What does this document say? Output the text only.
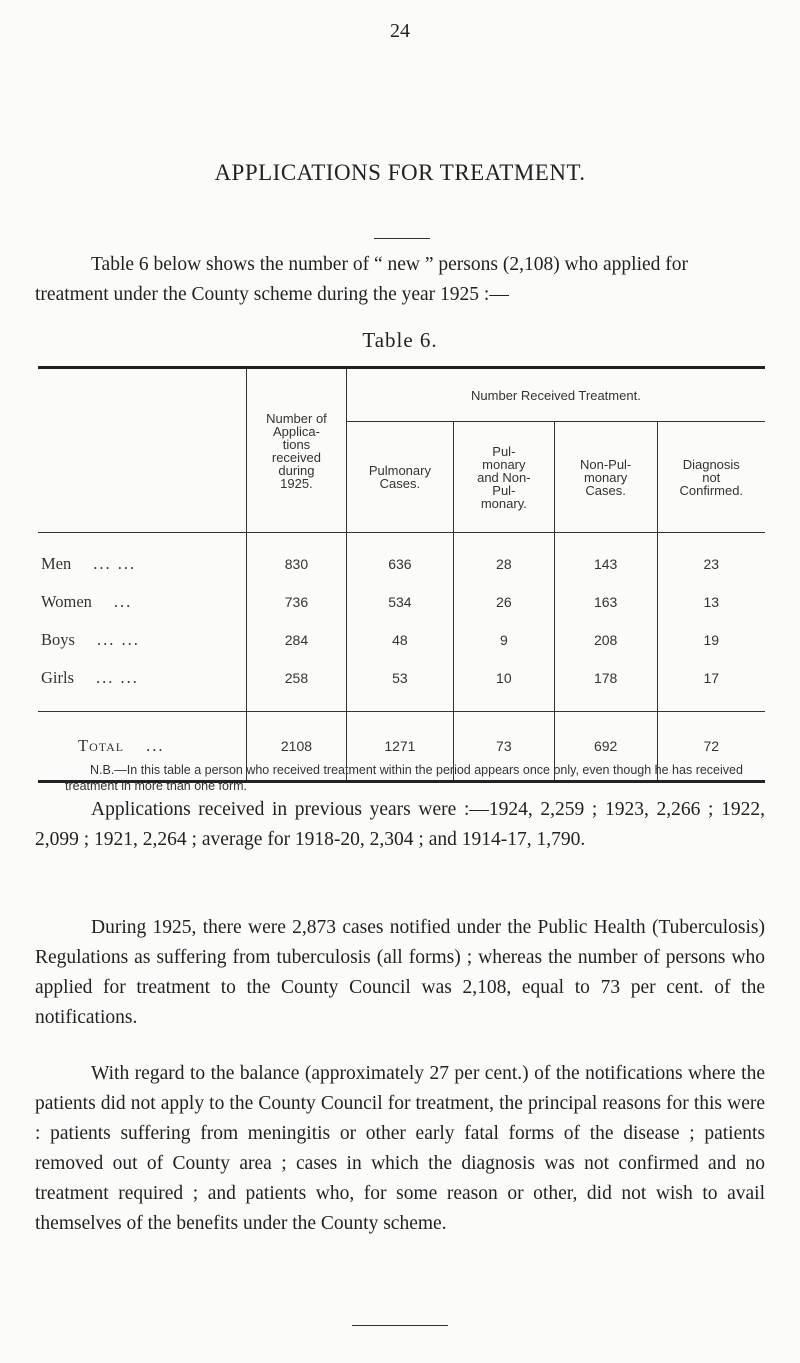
24
APPLICATIONS FOR TREATMENT.

Table 6 below shows the number of “ new ” persons (2,108) who applied for treatment under the County scheme during the year 1925 :—

Table 6.
	Number of Applica- tions received during 1925.	Number Received Treatment.			
		Pulmonary Cases.	Pul- monary and Non-Pul- monary.	Non-Pul- monary Cases.	Diagnosis not Confirmed.
Men ... ...	830	636	28	143	23
Women ...	736	534	26	163	13
Boys ... ...	284	48	9	208	19
Girls ... ...	258	53	10	178	17
Total ...	2108	1271	73	692	72

N.B.—In this table a person who received treatment within the period appears once only, even though he has received treatment in more than one form.

Applications received in previous years were :—1924, 2,259 ; 1923, 2,266 ; 1922, 2,099 ; 1921, 2,264 ; average for 1918-20, 2,304 ; and 1914-17, 1,790.

During 1925, there were 2,873 cases notified under the Public Health (Tuberculosis) Regulations as suffering from tuberculosis (all forms) ; whereas the number of persons who applied for treatment to the County Council was 2,108, equal to 73 per cent. of the notifications.

With regard to the balance (approximately 27 per cent.) of the notifications where the patients did not apply to the County Council for treatment, the principal reasons for this were : patients suffering from meningitis or other early fatal forms of the disease ; patients removed out of County area ; cases in which the diagnosis was not confirmed and no treatment required ; and patients who, for some reason or other, did not wish to avail themselves of the benefits under the County scheme.
